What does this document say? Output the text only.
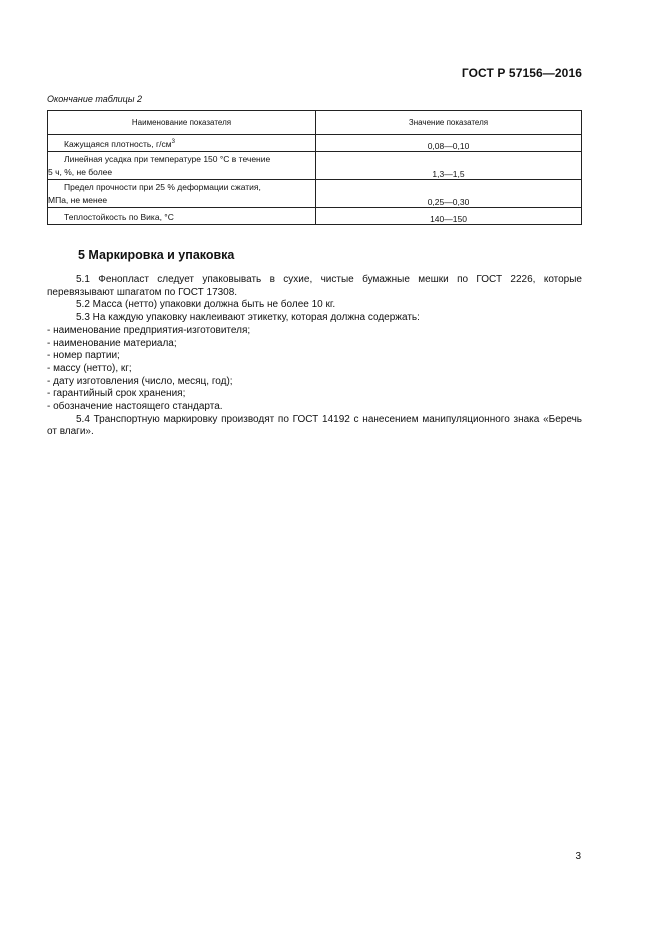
ГОСТ Р 57156—2016
Окончание таблицы 2
Наименование показателя	Значение показателя

Кажущаяся плотность, $г/см^3$	0,08—0,10

Линейная усадка при температуре 150 °С в течение
5 ч, %, не более	1,3—1,5

Предел прочности при 25 % деформации сжатия,
МПа, не менее	0,25—0,30

Теплостойкость по Вика, °С	140—150
5 Маркировка и упаковка

5.1 Фенопласт следует упаковывать в сухие, чистые бумажные мешки по ГОСТ 2226, которые перевязывают шпагатом по ГОСТ 17308.

5.2 Масса (нетто) упаковки должна быть не более 10 кг.

5.3 На каждую упаковку наклеивают этикетку, которая должна содержать:

- наименование предприятия-изготовителя;

- наименование материала;

- номер партии;

- массу (нетто), кг;

- дату изготовления (число, месяц, год);

- гарантийный срок хранения;

- обозначение настоящего стандарта.

5.4 Транспортную маркировку производят по ГОСТ 14192 с нанесением манипуляционного знака «Беречь от влаги».

3
